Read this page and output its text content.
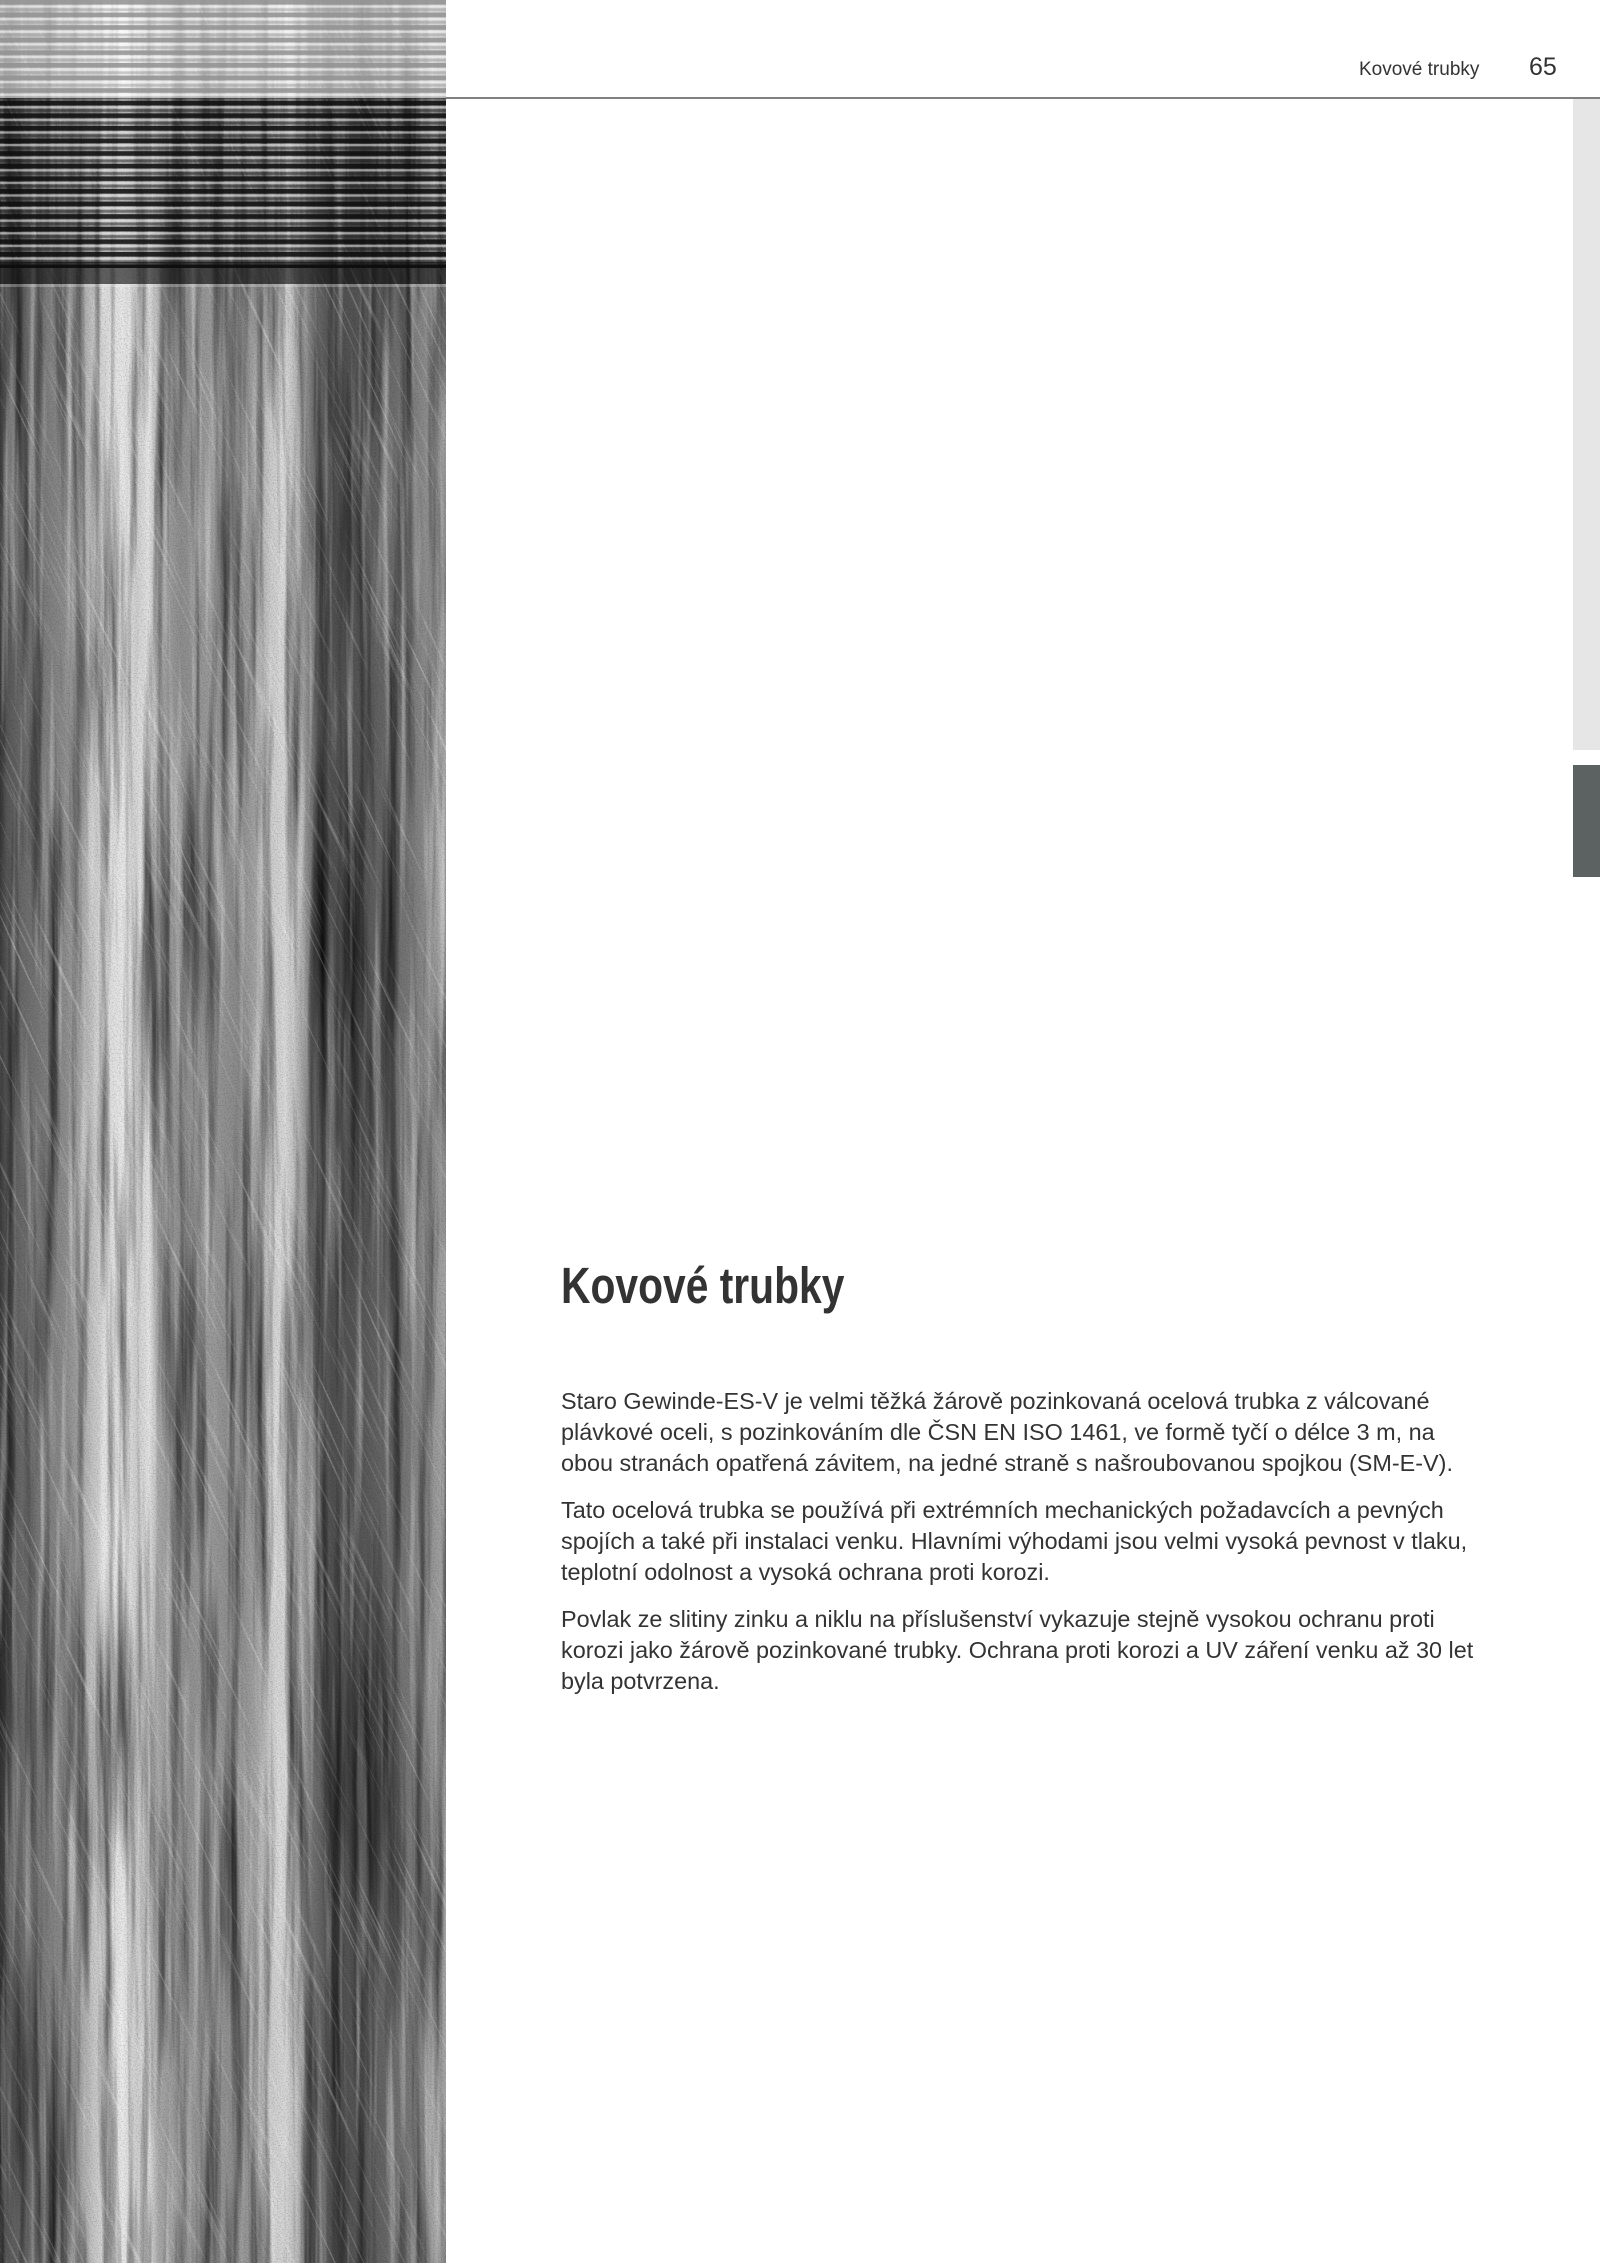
Kovové trubky 65
Kovové trubky

Staro Gewinde-ES-V je velmi těžká žárově pozinkovaná ocelová trubka z válcované
plávkové oceli, s pozinkováním dle ČSN EN ISO 1461, ve formě tyčí o délce 3 m, na
obou stranách opatřená závitem, na jedné straně s našroubovanou spojkou (SM-E-V).

Tato ocelová trubka se používá při extrémních mechanických požadavcích a pevných
spojích a také při instalaci venku. Hlavními výhodami jsou velmi vysoká pevnost v tlaku,
teplotní odolnost a vysoká ochrana proti korozi.

Povlak ze slitiny zinku a niklu na příslušenství vykazuje stejně vysokou ochranu proti
korozi jako žárově pozinkované trubky. Ochrana proti korozi a UV záření venku až 30 let
byla potvrzena.
